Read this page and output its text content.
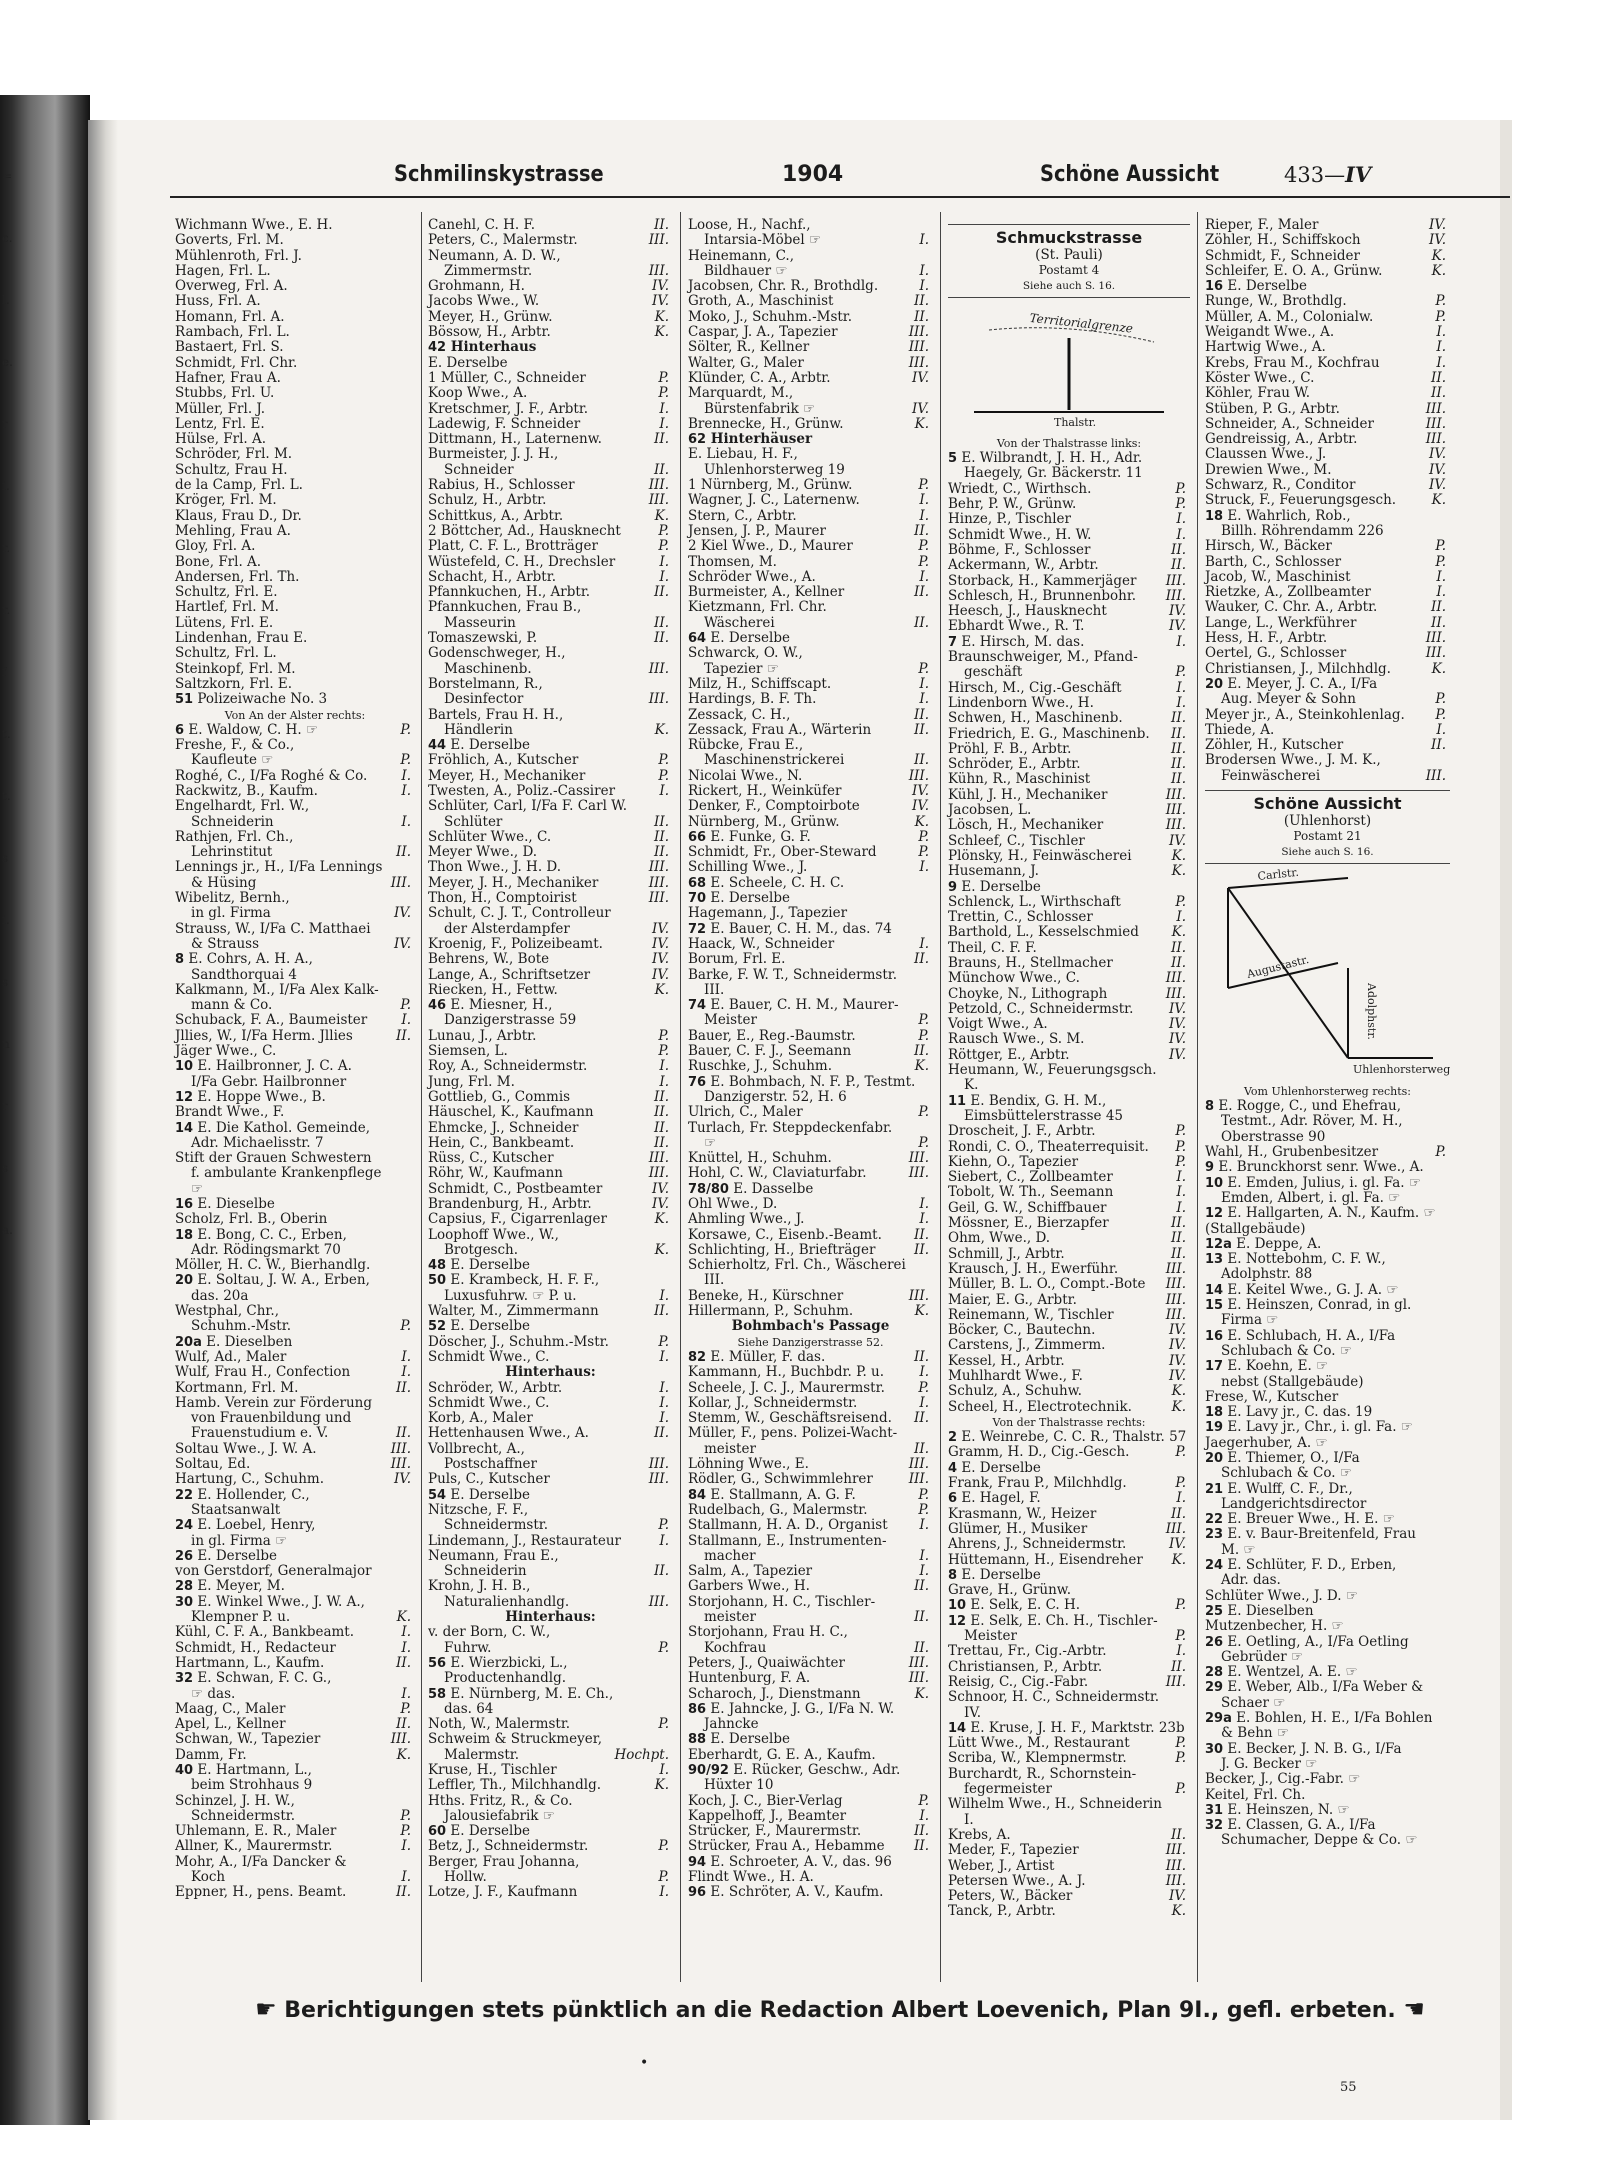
=
c.
l.
e.
r
i.
r.
r.
f
t.
t.
s
i.
s
n
r
s
a.
Schmilinskystrasse	1904	Schöne Aussicht	433—IV
Wichmann Wwe., E. H.
Goverts, Frl. M.
Mühlenroth, Frl. J.
Hagen, Frl. L.
Overweg, Frl. A.
Huss, Frl. A.
Homann, Frl. A.
Rambach, Frl. L.
Bastaert, Frl. S.
Schmidt, Frl. Chr.
Hafner, Frau A.
Stubbs, Frl. U.
Müller, Frl. J.
Lentz, Frl. E.
Hülse, Frl. A.
Schröder, Frl. M.
Schultz, Frau H.
de la Camp, Frl. L.
Kröger, Frl. M.
Klaus, Frau D., Dr.
Mehling, Frau A.
Gloy, Frl. A.
Bone, Frl. A.
Andersen, Frl. Th.
Schultz, Frl. E.
Hartlef, Frl. M.
Lütens, Frl. E.
Lindenhan, Frau E.
Schultz, Frl. L.
Steinkopf, Frl. M.
Saltzkorn, Frl. E.
51 Polizeiwache No. 3
Von An der Alster rechts:
6 E. Waldow, C. H. ☞	P.
Freshe, F., & Co.,
Kaufleute ☞	P.
Roghé, C., I/Fa Roghé & Co.	I.
Rackwitz, B., Kaufm.	I.
Engelhardt, Frl. W.,
Schneiderin	I.
Rathjen, Frl. Ch.,
Lehrinstitut	II.
Lennings jr., H., I/Fa Lennings
& Hüsing	III.
Wibelitz, Bernh.,
in gl. Firma	IV.
Strauss, W., I/Fa C. Matthaei
& Strauss	IV.
8 E. Cohrs, A. H. A.,
Sandthorquai 4
Kalkmann, M., I/Fa Alex Kalk-
mann & Co.	P.
Schuback, F. A., Baumeister	I.
Jllies, W., I/Fa Herm. Jllies	II.
Jäger Wwe., C.
10 E. Hailbronner, J. C. A.
I/Fa Gebr. Hailbronner
12 E. Hoppe Wwe., B.
Brandt Wwe., F.
14 E. Die Kathol. Gemeinde,
Adr. Michaelisstr. 7
Stift der Grauen Schwestern
f. ambulante Krankenpflege
☞
16 E. Dieselbe
Scholz, Frl. B., Oberin
18 E. Bong, C. C., Erben,
Adr. Rödingsmarkt 70
Möller, H. C. W., Bierhandlg.
20 E. Soltau, J. W. A., Erben,
das. 20a
Westphal, Chr.,
Schuhm.-Mstr.	P.
20a E. Dieselben
Wulf, Ad., Maler	I.
Wulf, Frau H., Confection	I.
Kortmann, Frl. M.	II.
Hamb. Verein zur Förderung
von Frauenbildung und
Frauenstudium e. V.	II.
Soltau Wwe., J. W. A.	III.
Soltau, Ed.	III.
Hartung, C., Schuhm.	IV.
22 E. Hollender, C.,
Staatsanwalt
24 E. Loebel, Henry,
in gl. Firma ☞
26 E. Derselbe
von Gerstdorf, Generalmajor
28 E. Meyer, M.
30 E. Winkel Wwe., J. W. A.,
Klempner P. u.	K.
Kühl, C. F. A., Bankbeamt.	I.
Schmidt, H., Redacteur	I.
Hartmann, L., Kaufm.	II.
32 E. Schwan, F. C. G.,
☞ das.	I.
Maag, C., Maler	P.
Apel, L., Kellner	II.
Schwan, W., Tapezier	III.
Damm, Fr.	K.
40 E. Hartmann, L.,
beim Strohhaus 9
Schinzel, J. H. W.,
Schneidermstr.	P.
Uhlemann, E. R., Maler	P.
Allner, K., Maurermstr.	I.
Mohr, A., I/Fa Dancker &
Koch	I.
Eppner, H., pens. Beamt.	II.
Canehl, C. H. F.	II.
Peters, C., Malermstr.	III.
Neumann, A. D. W.,
Zimmermstr.	III.
Grohmann, H.	IV.
Jacobs Wwe., W.	IV.
Meyer, H., Grünw.	K.
Bössow, H., Arbtr.	K.
42 Hinterhaus
E. Derselbe
1 Müller, C., Schneider	P.
Koop Wwe., A.	P.
Kretschmer, J. F., Arbtr.	I.
Ladewig, F. Schneider	I.
Dittmann, H., Laternenw.	II.
Burmeister, J. J. H.,
Schneider	II.
Rabius, H., Schlosser	III.
Schulz, H., Arbtr.	III.
Schittkus, A., Arbtr.	K.
2 Böttcher, Ad., Hausknecht	P.
Platt, C. F. L., Brotträger	P.
Wüstefeld, C. H., Drechsler	I.
Schacht, H., Arbtr.	I.
Pfannkuchen, H., Arbtr.	II.
Pfannkuchen, Frau B.,
Masseurin	II.
Tomaszewski, P.	II.
Godenschweger, H.,
Maschinenb.	III.
Borstelmann, R.,
Desinfector	III.
Bartels, Frau H. H.,
Händlerin	K.
44 E. Derselbe
Fröhlich, A., Kutscher	P.
Meyer, H., Mechaniker	P.
Twesten, A., Poliz.-Cassirer	I.
Schlüter, Carl, I/Fa F. Carl W.
Schlüter	II.
Schlüter Wwe., C.	II.
Meyer Wwe., D.	II.
Thon Wwe., J. H. D.	III.
Meyer, J. H., Mechaniker	III.
Thon, H., Comptoirist	III.
Schult, C. J. T., Controlleur
der Alsterdampfer	IV.
Kroenig, F., Polizeibeamt.	IV.
Behrens, W., Bote	IV.
Lange, A., Schriftsetzer	IV.
Riecken, H., Fettw.	K.
46 E. Miesner, H.,
Danzigerstrasse 59
Lunau, J., Arbtr.	P.
Siemsen, L.	P.
Roy, A., Schneidermstr.	I.
Jung, Frl. M.	I.
Gottlieb, G., Commis	II.
Häuschel, K., Kaufmann	II.
Ehmcke, J., Schneider	II.
Hein, C., Bankbeamt.	II.
Rüss, C., Kutscher	III.
Röhr, W., Kaufmann	III.
Schmidt, C., Postbeamter	IV.
Brandenburg, H., Arbtr.	IV.
Capsius, F., Cigarrenlager	K.
Loophoff Wwe., W.,
Brotgesch.	K.
48 E. Derselbe
50 E. Krambeck, H. F. F.,
Luxusfuhrw. ☞ P. u.	I.
Walter, M., Zimmermann	II.
52 E. Derselbe
Döscher, J., Schuhm.-Mstr.	P.
Schmidt Wwe., C.	I.
Hinterhaus:
Schröder, W., Arbtr.	I.
Schmidt Wwe., C.	I.
Korb, A., Maler	I.
Hettenhausen Wwe., A.	II.
Vollbrecht, A.,
Postschaffner	III.
Puls, C., Kutscher	III.
54 E. Derselbe
Nitzsche, F. F.,
Schneidermstr.	P.
Lindemann, J., Restaurateur	I.
Neumann, Frau E.,
Schneiderin	II.
Krohn, J. H. B.,
Naturalienhandlg.	III.
Hinterhaus:
v. der Born, C. W.,
Fuhrw.	P.
56 E. Wierzbicki, L.,
Productenhandlg.
58 E. Nürnberg, M. E. Ch.,
das. 64
Noth, W., Malermstr.	P.
Schweim & Struckmeyer,
Malermstr.	Hochpt.
Kruse, H., Tischler	I.
Leffler, Th., Milchhandlg.	K.
Hths. Fritz, R., & Co.
Jalousiefabrik ☞
60 E. Derselbe
Betz, J., Schneidermstr.	P.
Berger, Frau Johanna,
Hollw.	P.
Lotze, J. F., Kaufmann	I.
Loose, H., Nachf.,
Intarsia-Möbel ☞	I.
Heinemann, C.,
Bildhauer ☞	I.
Jacobsen, Chr. R., Brothdlg.	I.
Groth, A., Maschinist	II.
Moko, J., Schuhm.-Mstr.	II.
Caspar, J. A., Tapezier	III.
Sölter, R., Kellner	III.
Walter, G., Maler	III.
Klünder, C. A., Arbtr.	IV.
Marquardt, M.,
Bürstenfabrik ☞	IV.
Brennecke, H., Grünw.	K.
62 Hinterhäuser
E. Liebau, H. F.,
Uhlenhorsterweg 19
1 Nürnberg, M., Grünw.	P.
Wagner, J. C., Laternenw.	I.
Stern, C., Arbtr.	I.
Jensen, J. P., Maurer	II.
2 Kiel Wwe., D., Maurer	P.
Thomsen, M.	P.
Schröder Wwe., A.	I.
Burmeister, A., Kellner	II.
Kietzmann, Frl. Chr.
Wäscherei	II.
64 E. Derselbe
Schwarck, O. W.,
Tapezier ☞	P.
Milz, H., Schiffscapt.	I.
Hardings, B. F. Th.	I.
Zessack, C. H.,	II.
Zessack, Frau A., Wärterin	II.
Rübcke, Frau E.,
Maschinenstrickerei	II.
Nicolai Wwe., N.	III.
Rickert, H., Weinküfer	IV.
Denker, F., Comptoirbote	IV.
Nürnberg, M., Grünw.	K.
66 E. Funke, G. F.	P.
Schmidt, Fr., Ober-Steward	P.
Schilling Wwe., J.	I.
68 E. Scheele, C. H. C.
70 E. Derselbe
Hagemann, J., Tapezier
72 E. Bauer, C. H. M., das. 74
Haack, W., Schneider	I.
Borum, Frl. E.	II.
Barke, F. W. T., Schneidermstr.
III.
74 E. Bauer, C. H. M., Maurer-
Meister	P.
Bauer, E., Reg.-Baumstr.	P.
Bauer, C. F. J., Seemann	II.
Ruschke, J., Schuhm.	K.
76 E. Bohmbach, N. F. P., Testmt.
Danzigerstr. 52, H. 6
Ulrich, C., Maler	P.
Turlach, Fr. Steppdeckenfabr.
☞	P.
Knüttel, H., Schuhm.	III.
Hohl, C. W., Claviaturfabr.	III.
78/80 E. Dasselbe
Ohl Wwe., D.	I.
Ahmling Wwe., J.	I.
Korsawe, C., Eisenb.-Beamt. II.
Schlichting, H., Briefträger	II.
Schierholtz, Frl. Ch., Wäscherei
III.
Beneke, H., Kürschner	III.
Hillermann, P., Schuhm.	K.
Bohmbach's Passage
Siehe Danzigerstrasse 52.
82 E. Müller, F. das.	II.
Kammann, H., Buchbdr. P. u.	I.
Scheele, J. C. J., Maurermstr. P.
Kollar, J., Schneidermstr.	I.
Stemm, W., Geschäftsreisend. II.
Müller, F., pens. Polizei-Wacht-
meister	II.
Löhning Wwe., E.	III.
Rödler, G., Schwimmlehrer	III.
84 E. Stallmann, A. G. F.	P.
Rudelbach, G., Malermstr.	P.
Stallmann, H. A. D., Organist I.
Stallmann, E., Instrumenten-
macher	I.
Salm, A., Tapezier	I.
Garbers Wwe., H.	II.
Storjohann, H. C., Tischler-
meister	II.
Storjohann, Frau H. C.,
Kochfrau	II.
Peters, J., Quaiwächter	III.
Huntenburg, F. A.	III.
Scharoch, J., Dienstmann	K.
86 E. Jahncke, J. G., I/Fa N. W.
Jahncke
88 E. Derselbe
Eberhardt, G. E. A., Kaufm.
90/92 E. Rücker, Geschw., Adr.
Hüxter 10
Koch, J. C., Bier-Verlag	P.
Kappelhoff, J., Beamter	I.
Strücker, F., Maurermstr.	II.
Strücker, Frau A., Hebamme II.
94 E. Schroeter, A. V., das. 96
Flindt Wwe., H. A.
96 E. Schröter, A. V., Kaufm.
Schmuckstrasse
(St. Pauli)
Postamt 4
Siehe auch S. 16.
Territorialgrenze
Thalstr.
Von der Thalstrasse links:
5 E. Wilbrandt, J. H. H., Adr.
Haegely, Gr. Bäckerstr. 11
Wriedt, C., Wirthsch.	P.
Behr, P. W., Grünw.	P.
Hinze, P., Tischler	I.
Schmidt Wwe., H. W.	I.
Böhme, F., Schlosser	II.
Ackermann, W., Arbtr.	II.
Storback, H., Kammerjäger III.
Schlesch, H., Brunnenbohr. III.
Heesch, J., Hausknecht	IV.
Ebhardt Wwe., R. T.	IV.
7 E. Hirsch, M. das.	I.
Braunschweiger, M., Pfand-
geschäft	P.
Hirsch, M., Cig.-Geschäft	I.
Lindenborn Wwe., H.	I.
Schwen, H., Maschinenb.	II.
Friedrich, E. G., Maschinenb. II.
Pröhl, F. B., Arbtr.	II.
Schröder, E., Arbtr.	II.
Kühn, R., Maschinist	II.
Kühl, J. H., Mechaniker	III.
Jacobsen, L.	III.
Lösch, H., Mechaniker	III.
Schleef, C., Tischler	IV.
Plönsky, H., Feinwäscherei	K.
Husemann, J.	K.
9 E. Derselbe
Schlenck, L., Wirthschaft	P.
Trettin, C., Schlosser	I.
Barthold, L., Kesselschmied K.
Theil, C. F. F.	II.
Brauns, H., Stellmacher	II.
Münchow Wwe., C.	III.
Choyke, N., Lithograph	III.
Petzold, C., Schneidermstr.	IV.
Voigt Wwe., A.	IV.
Rausch Wwe., S. M.	IV.
Röttger, E., Arbtr.	IV.
Heumann, W., Feuerungsgsch.
K.
11 E. Bendix, G. H. M.,
Eimsbüttelerstrasse 45
Droscheit, J. F., Arbtr.	P.
Rondi, C. O., Theaterrequisit. P.
Kiehn, O., Tapezier	P.
Siebert, C., Zollbeamter	I.
Tobolt, W. Th., Seemann	I.
Geil, G. W., Schiffbauer	I.
Mössner, E., Bierzapfer	II.
Ohm, Wwe., D.	II.
Schmill, J., Arbtr.	II.
Krausch, J. H., Ewerführ.	III.
Müller, B. L. O., Compt.-Bote III.
Maier, E. G., Arbtr.	III.
Reinemann, W., Tischler	III.
Böcker, C., Bautechn.	IV.
Carstens, J., Zimmerm.	IV.
Kessel, H., Arbtr.	IV.
Muhlhardt Wwe., F.	IV.
Schulz, A., Schuhw.	K.
Scheel, H., Electrotechnik.	K.
Von der Thalstrasse rechts:
2 E. Weinrebe, C. C. R., Thalstr. 57
Gramm, H. D., Cig.-Gesch.	P.
4 E. Derselbe
Frank, Frau P., Milchhdlg.	P.
6 E. Hagel, F.	I.
Krasmann, W., Heizer	II.
Glümer, H., Musiker	III.
Ahrens, J., Schneidermstr.	IV.
Hüttemann, H., Eisendreher K.
8 E. Derselbe
Grave, H., Grünw.
10 E. Selk, E. C. H.	P.
12 E. Selk, E. Ch. H., Tischler-
Meister	P.
Trettau, Fr., Cig.-Arbtr.	I.
Christiansen, P., Arbtr.	II.
Reisig, C., Cig.-Fabr.	III.
Schnoor, H. C., Schneidermstr.
IV.
14 E. Kruse, J. H. F., Marktstr. 23b
Lütt Wwe., M., Restaurant	P.
Scriba, W., Klempnermstr.	P.
Burchardt, R., Schornstein-
fegermeister	P.
Wilhelm Wwe., H., Schneiderin
I.
Krebs, A.	II.
Meder, F., Tapezier	III.
Weber, J., Artist	III.
Petersen Wwe., A. J.	III.
Peters, W., Bäcker	IV.
Tanck, P., Arbtr.	K.
Rieper, F., Maler	IV.
Zöhler, H., Schiffskoch	IV.
Schmidt, F., Schneider	K.
Schleifer, E. O. A., Grünw.	K.
16 E. Derselbe
Runge, W., Brothdlg.	P.
Müller, A. M., Colonialw.	P.
Weigandt Wwe., A.	I.
Hartwig Wwe., A.	I.
Krebs, Frau M., Kochfrau	I.
Köster Wwe., C.	II.
Köhler, Frau W.	II.
Stüben, P. G., Arbtr.	III.
Schneider, A., Schneider	III.
Gendreissig, A., Arbtr.	III.
Claussen Wwe., J.	IV.
Drewien Wwe., M.	IV.
Schwarz, R., Conditor	IV.
Struck, F., Feuerungsgesch.	K.
18 E. Wahrlich, Rob.,
Billh. Röhrendamm 226
Hirsch, W., Bäcker	P.
Barth, C., Schlosser	P.
Jacob, W., Maschinist	I.
Rietzke, A., Zollbeamter	I.
Wauker, C. Chr. A., Arbtr.	II.
Lange, L., Werkführer	II.
Hess, H. F., Arbtr.	III.
Oertel, G., Schlosser	III.
Christiansen, J., Milchhdlg.	K.
20 E. Meyer, J. C. A., I/Fa
Aug. Meyer & Sohn	P.
Meyer jr., A., Steinkohlenlag. P.
Thiede, A.	I.
Zöhler, H., Kutscher	II.
Brodersen Wwe., J. M. K.,
Feinwäscherei	III.
Schöne Aussicht
(Uhlenhorst)
Postamt 21
Siehe auch S. 16.
Carlstr.
Augustastr.
Adolphstr.
Uhlenhorsterweg
Vom Uhlenhorsterweg rechts:
8 E. Rogge, C., und Ehefrau,
Testmt., Adr. Röver, M. H.,
Oberstrasse 90
Wahl, H., Grubenbesitzer	P.
9 E. Brunckhorst senr. Wwe., A.
10 E. Emden, Julius, i. gl. Fa. ☞
Emden, Albert, i. gl. Fa. ☞
12 E. Hallgarten, A. N., Kaufm. ☞
(Stallgebäude)
12a E. Deppe, A.
13 E. Nottebohm, C. F. W.,
Adolphstr. 88
14 E. Keitel Wwe., G. J. A. ☞
15 E. Heinszen, Conrad, in gl.
Firma ☞
16 E. Schlubach, H. A., I/Fa
Schlubach & Co. ☞
17 E. Koehn, E. ☞
nebst (Stallgebäude)
Frese, W., Kutscher
18 E. Lavy jr., C. das. 19
19 E. Lavy jr., Chr., i. gl. Fa. ☞
Jaegerhuber, A. ☞
20 E. Thiemer, O., I/Fa
Schlubach & Co. ☞
21 E. Wulff, C. F., Dr.,
Landgerichtsdirector
22 E. Breuer Wwe., H. E. ☞
23 E. v. Baur-Breitenfeld, Frau
M. ☞
24 E. Schlüter, F. D., Erben,
Adr. das.
Schlüter Wwe., J. D. ☞
25 E. Dieselben
Mutzenbecher, H. ☞
26 E. Oetling, A., I/Fa Oetling
Gebrüder ☞
28 E. Wentzel, A. E. ☞
29 E. Weber, Alb., I/Fa Weber &
Schaer ☞
29a E. Bohlen, H. E., I/Fa Bohlen
& Behn ☞
30 E. Becker, J. N. B. G., I/Fa
J. G. Becker ☞
Becker, J., Cig.-Fabr. ☞
Keitel, Frl. Ch.
31 E. Heinszen, N. ☞
32 E. Classen, G. A., I/Fa
Schumacher, Deppe & Co. ☞
☛ Berichtigungen stets pünktlich an die Redaction Albert Loevenich, Plan 9I., gefl. erbeten. ☚
•
55
